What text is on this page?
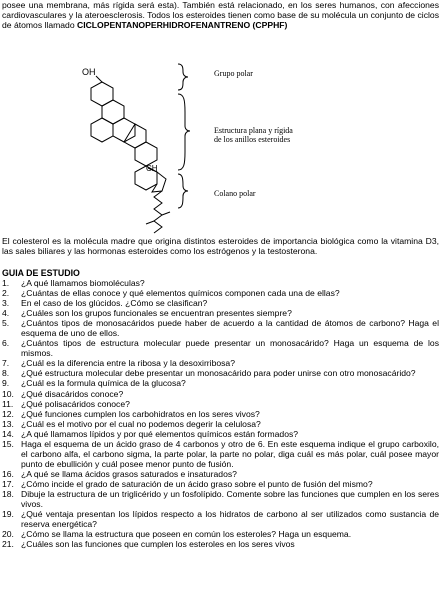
posee una membrana, más rígida será esta). También está relacionado, en los seres humanos, con afecciones cardiovasculares y la ateroesclerosis. Todos los esteroides tienen como base de su molécula un conjunto de ciclos de átomos llamado CICLOPENTANOPERHIDROFENANTRENO (CPPHF)

OH
CH
Grupo polar
Estructura plana y rígida de los anillos esteroides
Colano polar

El colesterol es la molécula madre que origina distintos esteroides de importancia biológica como la vitamina D3, las sales biliares y las hormonas esteroides como los estrógenos y la testosterona.

GUIA DE ESTUDIO
1.	¿A qué llamamos biomoléculas?
2.	¿Cuántas de ellas conoce y qué elementos químicos componen cada una de ellas?
3.	En el caso de los glúcidos. ¿Cómo se clasifican?
4.	¿Cuáles son los grupos funcionales se encuentran presentes siempre?
5.	¿Cuántos tipos de monosacáridos puede haber de acuerdo a la cantidad de átomos de carbono? Haga el esquema de uno de ellos.
6.	¿Cuántos tipos de estructura molecular puede presentar un monosacárido? Haga un esquema de los mismos.
7.	¿Cuál es la diferencia entre la ribosa y la desoxirribosa?
8.	¿Qué estructura molecular debe presentar un monosacárido para poder unirse con otro monosacárido?
9.	¿Cuál es la formula química de la glucosa?
10. ¿Qué disacáridos conoce?
11. ¿Qué polisacáridos conoce?
12. ¿Qué funciones cumplen los carbohidratos en los seres vivos?
13. ¿Cuál es el motivo por el cual no podemos degerir la celulosa?
14. ¿A qué llamamos lípidos y por qué elementos químicos están formados?
15. Haga el esquema de un ácido graso de 4 carbonos y otro de 6. En este esquema indique el grupo carboxilo, el carbono alfa, el carbono sigma, la parte polar, la parte no polar, diga cuál es más polar, cuál posee mayor punto de ebullición y cuál posee menor punto de fusión.
16. ¿A qué se llama ácidos grasos saturados e insaturados?
17. ¿Cómo incide el grado de saturación de un ácido graso sobre el punto de fusión del mismo?
18. Dibuje la estructura de un triglicérido y un fosfolípido. Comente sobre las funciones que cumplen en los seres vivos.
19. ¿Qué ventaja presentan los lípidos respecto a los hidratos de carbono al ser utilizados como sustancia de reserva energética?
20. ¿Cómo se llama la estructura que poseen en común los esteroles? Haga un esquema.
21. ¿Cuáles son las funciones que cumplen los esteroles en los seres vivos
